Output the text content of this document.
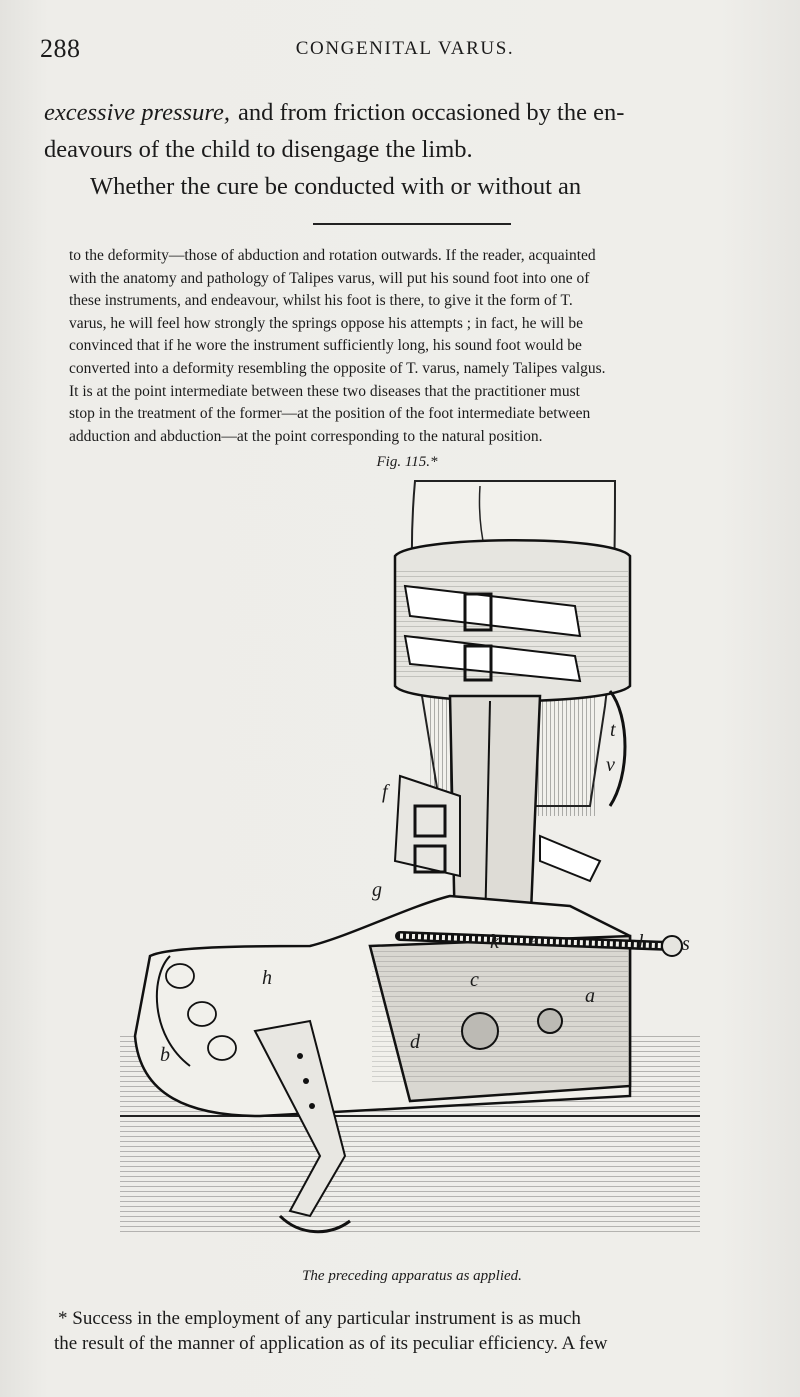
288	CONGENITAL VARUS.
excessive pressure, and from friction occasioned by the en-
deavours of the child to disengage the limb.
Whether the cure be conducted with or without an
to the deformity—those of abduction and rotation outwards. If the reader, acquainted
with the anatomy and pathology of Talipes varus, will put his sound foot into one of
these instruments, and endeavour, whilst his foot is there, to give it the form of T.
varus, he will feel how strongly the springs oppose his attempts ; in fact, he will be
convinced that if he wore the instrument sufficiently long, his sound foot would be
converted into a deformity resembling the opposite of T. varus, namely Talipes valgus.
It is at the point intermediate between these two diseases that the practitioner must
stop in the treatment of the former—at the position of the foot intermediate between
adduction and abduction—at the point corresponding to the natural position.
Fig. 115.*
a
b
c
d
e
f
g
h
k	l s
t
v
The preceding apparatus as applied.
* Success in the employment of any particular instrument is as much
the result of the manner of application as of its peculiar efficiency. A few
